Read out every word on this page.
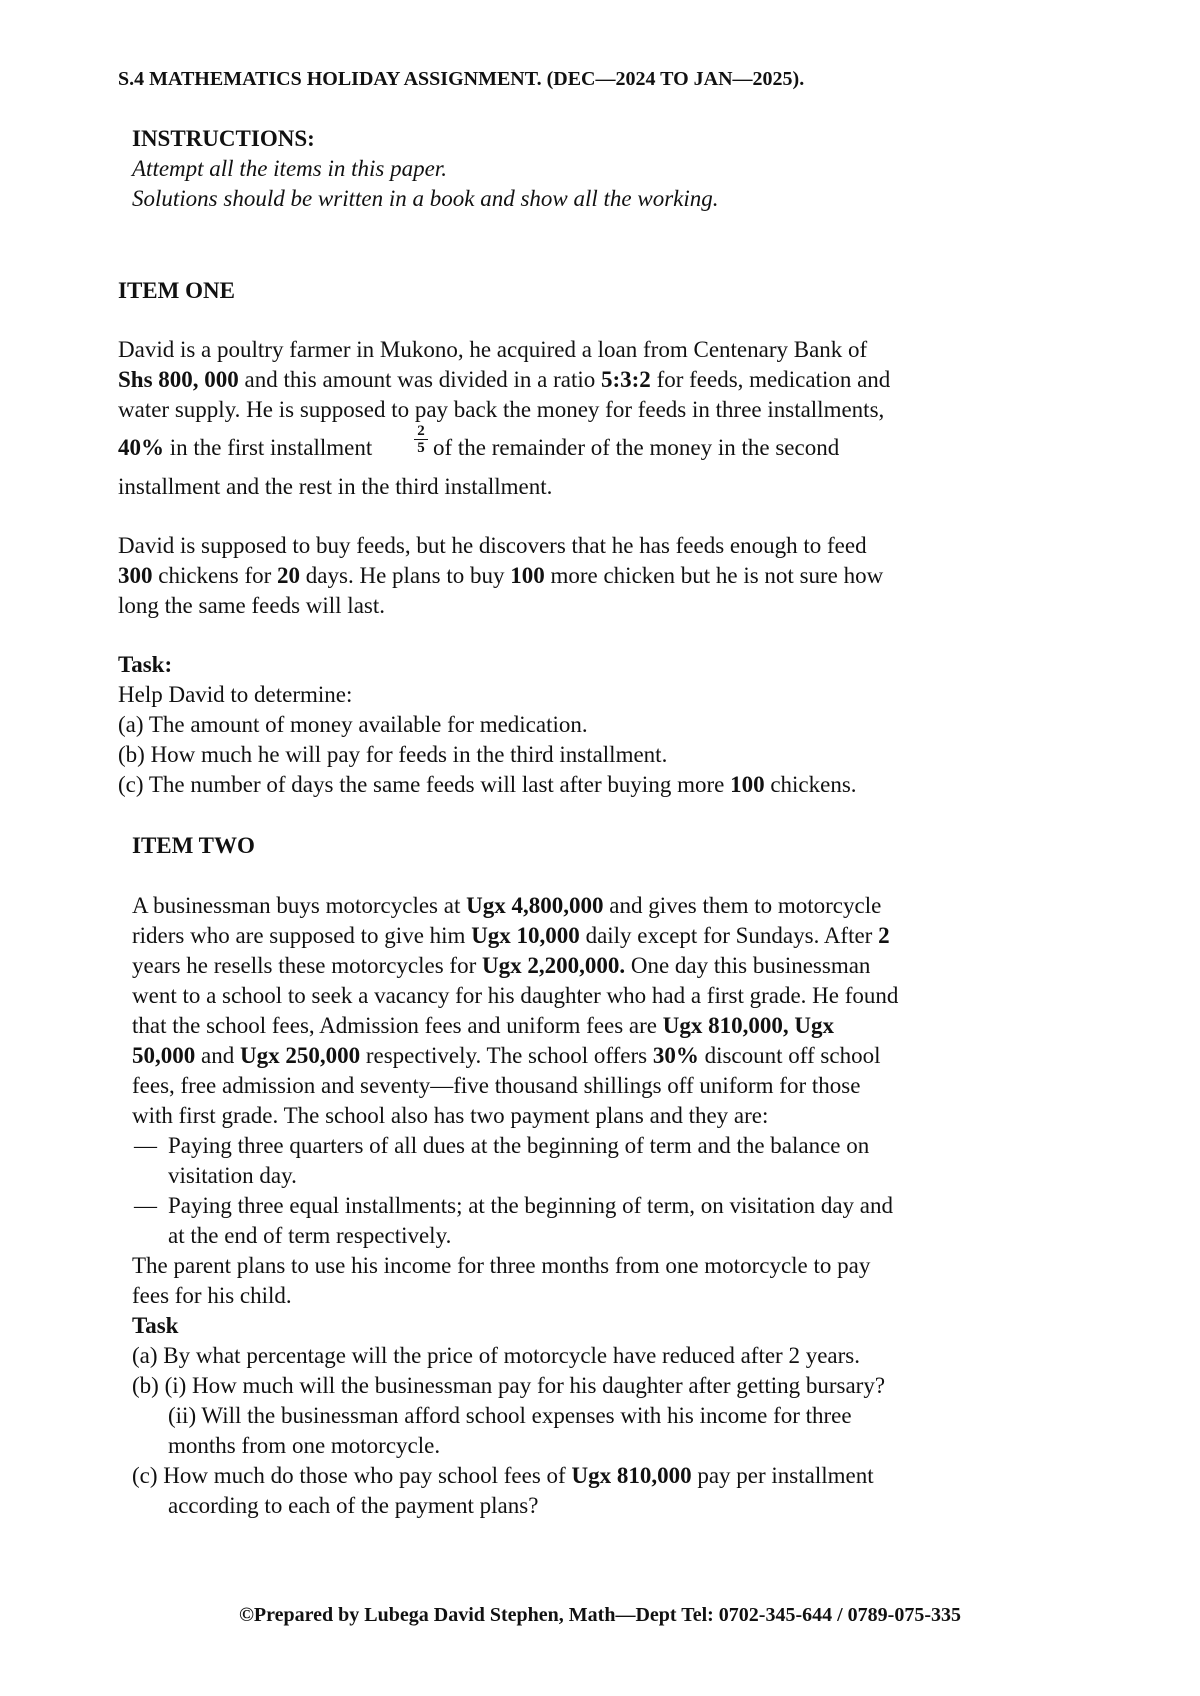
S.4 MATHEMATICS HOLIDAY ASSIGNMENT. (DEC—2024 TO JAN—2025).
INSTRUCTIONS:
Attempt all the items in this paper.
Solutions should be written in a book and show all the working.
ITEM ONE
David is a poultry farmer in Mukono, he acquired a loan from Centenary Bank of
Shs 800, 000 and this amount was divided in a ratio 5:3:2 for feeds, medication and
water supply. He is supposed to pay back the money for feeds in three installments,
40% in the first installment	$\frac{2}{5}$ of the remainder of the money in the second
installment and the rest in the third installment.
David is supposed to buy feeds, but he discovers that he has feeds enough to feed
300 chickens for 20 days. He plans to buy 100 more chicken but he is not sure how
long the same feeds will last.
Task:
Help David to determine:
(a) The amount of money available for medication.
(b) How much he will pay for feeds in the third installment.
(c) The number of days the same feeds will last after buying more 100 chickens.
ITEM TWO
A businessman buys motorcycles at Ugx 4,800,000 and gives them to motorcycle
riders who are supposed to give him Ugx 10,000 daily except for Sundays. After 2
years he resells these motorcycles for Ugx 2,200,000. One day this businessman
went to a school to seek a vacancy for his daughter who had a first grade. He found
that the school fees, Admission fees and uniform fees are Ugx 810,000, Ugx
50,000 and Ugx 250,000 respectively. The school offers 30% discount off school
fees, free admission and seventy—five thousand shillings off uniform for those
with first grade. The school also has two payment plans and they are:
— Paying three quarters of all dues at the beginning of term and the balance on
visitation day.
— Paying three equal installments; at the beginning of term, on visitation day and
at the end of term respectively.
The parent plans to use his income for three months from one motorcycle to pay
fees for his child.
Task
(a) By what percentage will the price of motorcycle have reduced after 2 years.
(b) (i) How much will the businessman pay for his daughter after getting bursary?
(ii) Will the businessman afford school expenses with his income for three
months from one motorcycle.
(c) How much do those who pay school fees of Ugx 810,000 pay per installment
according to each of the payment plans?
©Prepared by Lubega David Stephen, Math—Dept Tel: 0702-345-644 / 0789-075-335
